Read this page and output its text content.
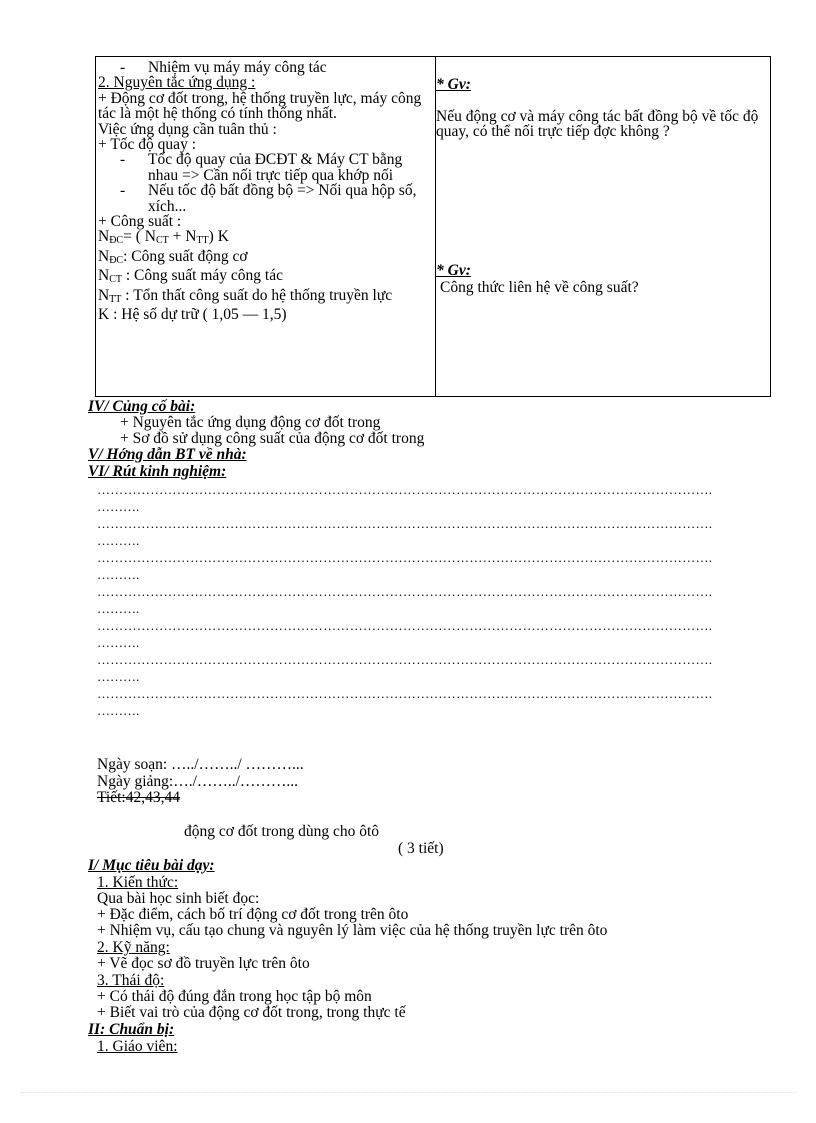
- Nhiệm vụ máy máy công tác
2. Nguyên tắc ứng dụng :
+ Động cơ đốt trong, hệ thống truyền lực, máy công tác là một hệ thống có tính thống nhất.
Việc ứng dụng cần tuân thủ :
+ Tốc độ quay :
-	Tốc độ quay của ĐCĐT & Máy CT bằng nhau => Cần nối trực tiếp qua khớp nối
-	Nếu tốc độ bất đồng bộ => Nối qua hộp số, xích...
+ Công suất :
$N_{ĐC}=$ ( $N_{CT} + N_{TT}$) K
$N_{ĐC}$: Công suất động cơ
$N_{CT}$ : Công suất máy công tác
$N_{TT}$ : Tổn thất công suất do hệ thống truyền lực
K : Hệ số dự trữ ( 1,05 — 1,5)
* Gv:
Nếu động cơ và máy công tác bất đồng bộ về tốc độ quay, có thể nối trực tiếp đợc không ?
* Gv:
Công thức liên hệ về công suất?
IV/ Củng cố bài:
+ Nguyên tắc ứng dụng động cơ đốt trong
+ Sơ đồ sử dụng công suất của động cơ đốt trong
V/ Hớng dẫn BT về nhà:
VI/ Rút kinh nghiệm:
………………………………………………………………………………………………………………………….
……….
………………………………………………………………………………………………………………………….
……….
………………………………………………………………………………………………………………………….
……….
………………………………………………………………………………………………………………………….
……….
………………………………………………………………………………………………………………………….
……….
………………………………………………………………………………………………………………………….
……….
………………………………………………………………………………………………………………………….
……….
Ngày soạn: …../……../ ………...
Ngày giảng:…./……../………...
Tiết:42,43,44
động cơ đốt trong dùng cho ôtô
( 3 tiết)
I/ Mục tiêu bài dạy:
1. Kiến thức:
Qua bài học sinh biết đọc:
+ Đặc điểm, cách bố trí động cơ đốt trong trên ôto
+ Nhiệm vụ, cấu tạo chung và nguyên lý làm việc của hệ thống truyền lực trên ôto
2. Kỹ năng:
+ Vẽ đọc sơ đồ truyền lực trên ôto
3. Thái độ:
+ Có thái độ đúng đắn trong học tập bộ môn
+ Biết vai trò của động cơ đốt trong, trong thực tế
II: Chuẩn bị:
1. Giáo viên:
